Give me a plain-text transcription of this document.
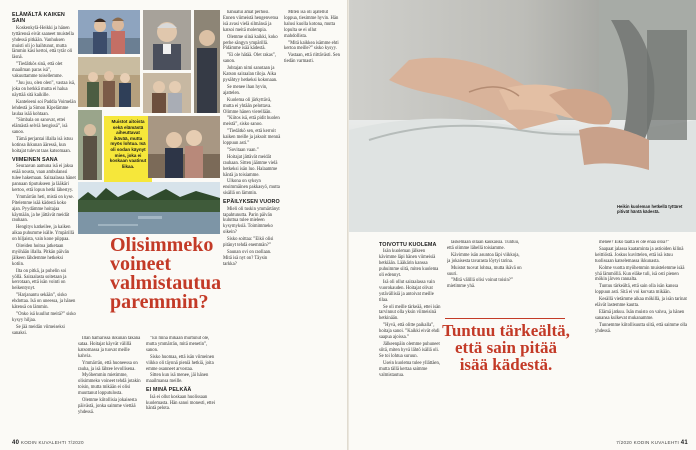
ELÄMÄLTÄ KAIKEN SAIN

Koskenkylä-Heikki ja hänen tyttärensä eivät saaneet muistella yhdessä pitkään. Vanhuksen muisti oli jo haihtunut, mutta lämmin käsi kertoi, että tytär oli läsnä.

”Tiedätkös sinä, että olet maailman paras isä”, vakuuttamme toisellemme.

”Juu juu, olen olen”, vastaa isä, joka on herkkä mutta ei halua näyttää sitä kaikille.

Kanteleeni soi Paddia Voimelän lehdestä ja Simon Kipelämme laulaa isää kohtaan.

”Simbala on sanovat, ettei elämästä selviä hengissä”, isä sanoo.

Tämä perjantai illalla isä istuu kotinsa ikkunan ääressä, kun hoitajat tulevat taas katsomaan.

VIIMEINEN SANA

Seuraavan aamuna isä ei jaksa enää nousta, vaan ambulanssi tulee hakemaan. Sairaalassa hänet pannaan tiputukseen ja lääkäri kertoo, että lopun hetki lähestyy.

Ymmärrän heti, mistä on kyse. Pitelemme isää kädestä koko ajan. Pyydämme hoitajaa käymään, ja he jättävät meidät rauhaan.

Hengitys katkeilee, ja kaiken aikaa puhumme isälle. Ympärillä on hiljaista, vain kone piippaa.

Oireiden hoitoa jatketaan myöhään illalla. Pitkän päivän jälkeen lähdemme hetkeksi kotiin.

Ilta on pitkä, ja puhelin soi yöllä. Sairaalasta soitetaan ja kerrotaan, että isän vointi on heikentynyt.

”Harjanantu sekään”, sisko ehdottaa. Isä on uneessa, ja hänen kätensä on lämmin.

”Onko isä kuullut meitä?” sisko kysyy hiljaa.

Se jää meidän viimeiseksi sanaksi.

Muistot aitoista sekä elämästä aiheuttavat ikävää, mutta myös lohtua. Isä oli sodan käynyt mies, joka ei koskaan vaatinut liikaa.
Olisimmeko voineet valmistautua paremmin?

Illan hämärissä ikkunan takana sataa. Hoitajat käyvät välillä katsomassa ja tuovat meille kahvia.

Ymmärrän, että huoneessa on rauha, ja isä lähtee levollisena.

Myöhemmin mietimme, olisimmeko voineet tehdä jotakin toisin, mutta mikään ei olisi muuttanut lopputulosta.

Olemme kiitollisia jokaisesta päivästä, jonka saimme viettää yhdessä.

”En minä mikään murtunut ole, mutta ymmärrän, mitä menetin”, sanon.

Sisko huomaa, että isän viimeinen viikko oli täynnä pieniä hetkiä, joita emme osanneet arvostaa.

Sitten kun isä menee, jäi hänen maailmansa meille.

EI MINÄ PELKÄÄ

Isä ei ollut koskaan huolissaan kuolemasta. Hän sanoi monesti, ettei häntä pelota.

hahuatui amat perhosi. Ennen viimeistä hengenvetoa isä avasi vielä silmänsä ja katsoi meitä molempia.

Olemme siinä kaikki, koko perhe sängyn ympärillä. Pidämme isää kädestä.

”Ei ole hätää. Olet rakas”, sanon.

Johtajan nimi sanotaan ja Katson sairaalan tiloja. Aika pysähtyy hetkeksi kokonaan.

Se menee ihan hyvin, ajattelen.

Kuolema oli järkyttävä, mutta ei yhtään pelottava. Olimme hänen vierellään.

”Kiitos isä, että pidit huolen meistä”, sisko sanoo.

”Tiedätkö sen, että kerroit kaiken meille ja jaksoit mennä loppuun asti.”

”Sovitaan vaan.”

Hoitajat jättävät meidät rauhaan. Sitten jäämme vielä hetkeksi isän luo. Halaamme häntä ja toisiamme.

Ulkona on syksyn ensimmäinen pakkasyö, mutta sisällä on lämmin.

EPÄILYKSEN VUORO

Mieli oli tuskin ymmärtänyt tapahtunutta. Parin päivän kuluttua tulee mieleen kysymyksiä. Toimimmeko oikein?

Sisko soittaa: ”Eikö olisi pitänyt tehdä enemmän?”

Saunan ovi on raollaan. Mitä isä nyt on? Täysin tarkka?

Miten isä oli ajatellut loppua, tiesimme hyvin. Hän halusi kuolla kotona, mutta lopulta se ei ollut mahdollista.

”Mitä kaikkea isämme ehti kertoa meille?” sisko kysyy.

Vastaan, että riittävästi. Sen tiedän varmasti.

40 KODIN KUVALEHTI 7/2020
Heikin kuoleman hetkellä tyttäret pitivät häntä kädestä.
TOIVOTTU KUOLEMA

Isän kuoleman jälkeen kävimme läpi hänen viimeisiä hetkiään. Lääkärin kanssa puhuimme siitä, miten kuolema oli edennyt.

Isä oli ollut sairaalassa vain vuorokauden. Hoitajat olivat ystävällisiä ja antoivat meille tilaa.

Se oli meille tärkeää, ettei isän tarvinnut olla yksin viimeisinä hetkinään.

”Hyvä, että olitte paikalla”, hoitaja sanoi. ”Kaikki eivät ehdi saapua ajoissa.”

Jälkeenpäin olemme puhuneet siitä, miten hyvä lähtö isällä oli. Se toi lohtua suruun.

Usein kuolema tulee yllättäen, mutta tällä kertaa saimme valmistautua.

laskemaan ollaan kaukaisia. Tuntuu, että olimme lähellä toisiamme.

Kävimme isän asuntoa läpi viikkoja, ja jokaisesta tavarasta löytyi tarina.

Muistot tuovat lohtua, mutta ikävä on suuri.

”Mitä välillä olisi voinut toisin?” mietimme yhä.

Tuntuu tärkeältä, että sain pitää isää kädestä.

menee? Eikö täältä ei ole enää oloa?”

Saapaat jalassa kaataminta ja astioiden kilinä keittiöstä. Joskus kuvittelen, että isä istuu tuolissaan katselemassa ikkunasta.

Kolme vuotta myöhemmin muistelemme isää yhä lämmöllä. Kun eläke tuli, isä osti pienen mökin järven rannalta.

Tuntuu tärkeältä, että sain olla isän kanssa loppuun asti. Sitä ei voi korvata mikään.

Kesällä vietämme aikaa mökillä, ja isän tarinat elävät lastemme kautta.

Elämä jatkuu. Isän muisto on vahva, ja hänen sanansa kulkevat mukanamme.

Tunnemme kiitollisuutta siitä, että saimme olla yhdessä.

7/2020 KODIN KUVALEHTI 41
